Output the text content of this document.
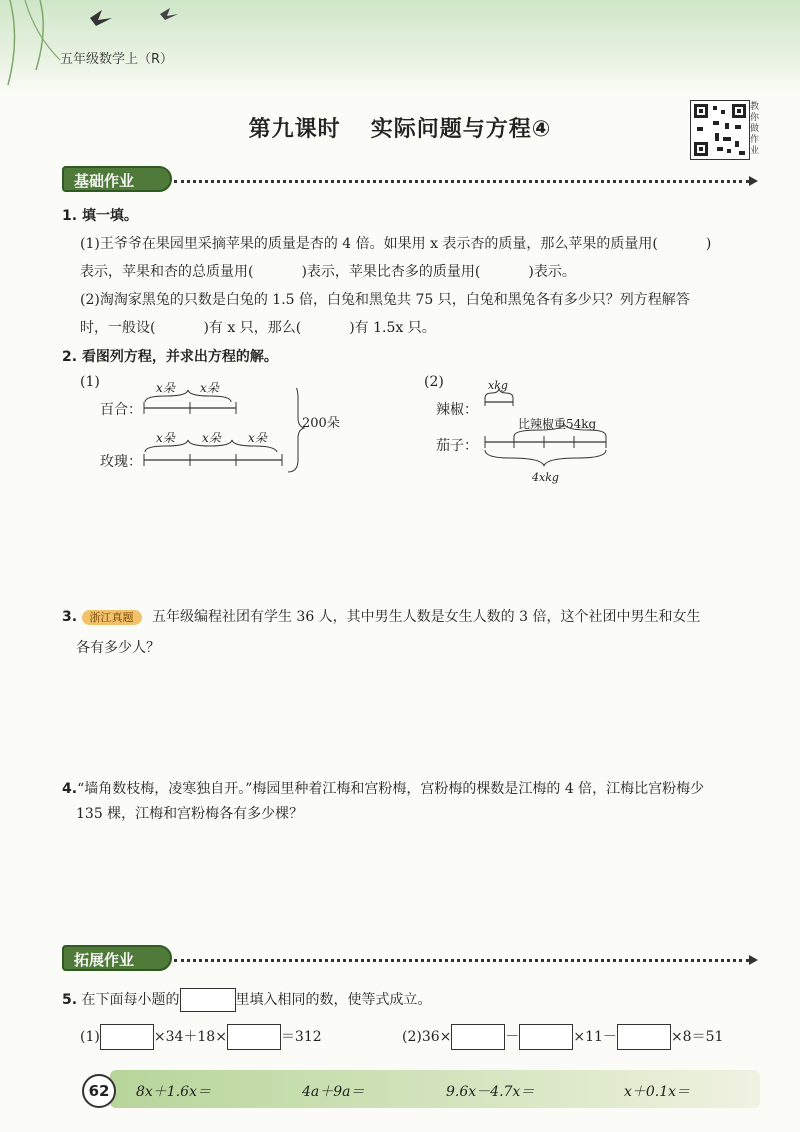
五年级数学上（R）
第九课时 实际问题与方程④
教你做作业
基础作业
1. 填一填。
(1)王爷爷在果园里采摘苹果的质量是杏的 4 倍。如果用 x 表示杏的质量，那么苹果的质量用(	)
表示，苹果和杏的总质量用(	)表示，苹果比杏多的质量用(	)表示。
(2)淘淘家黑兔的只数是白兔的 1.5 倍，白兔和黑兔共 75 只，白兔和黑兔各有多少只？列方程解答
时，一般设(	)有 x 只，那么(	)有 1.5x 只。
2. 看图列方程，并求出方程的解。
(1)
百合：
玫瑰：
x朵 x朵
x朵 x朵 x朵
200朵
(2)
辣椒：
茄子：
xkg
比辣椒重54kg
4xkg
3. 浙江真题 五年级编程社团有学生 36 人，其中男生人数是女生人数的 3 倍，这个社团中男生和女生
各有多少人？
4.“墙角数枝梅，凌寒独自开。”梅园里种着江梅和宫粉梅，宫粉梅的棵数是江梅的 4 倍，江梅比宫粉梅少
135 棵，江梅和宫粉梅各有多少棵？
拓展作业
5. 在下面每小题的	里填入相同的数，使等式成立。
(1)	×34＋18×	＝312	(2)36×	－	×11－	×8＝51
62	8x＋1.6x＝	4a＋9a＝	9.6x－4.7x＝	x＋0.1x＝
